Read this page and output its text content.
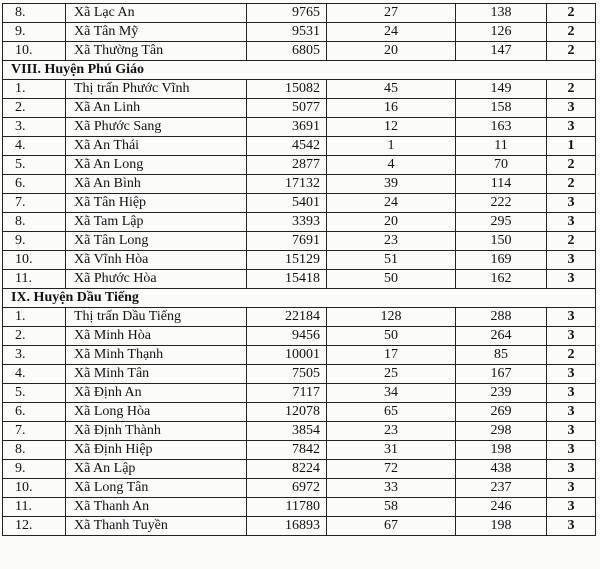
8.	Xã Lạc An	9765	27	138	2
9.	Xã Tân Mỹ	9531	24	126	2
10.	Xã Thường Tân	6805	20	147	2
VIII. Huyện Phú Giáo					
1.	Thị trấn Phước Vĩnh	15082	45	149	2
2.	Xã An Linh	5077	16	158	3
3.	Xã Phước Sang	3691	12	163	3
4.	Xã An Thái	4542	1	11	1
5.	Xã An Long	2877	4	70	2
6.	Xã An Bình	17132	39	114	2
7.	Xã Tân Hiệp	5401	24	222	3
8.	Xã Tam Lập	3393	20	295	3
9.	Xã Tân Long	7691	23	150	2
10.	Xã Vĩnh Hòa	15129	51	169	3
11.	Xã Phước Hòa	15418	50	162	3
IX. Huyện Dầu Tiếng					
1.	Thị trấn Dầu Tiếng	22184	128	288	3
2.	Xã Minh Hòa	9456	50	264	3
3.	Xã Minh Thạnh	10001	17	85	2
4.	Xã Minh Tân	7505	25	167	3
5.	Xã Định An	7117	34	239	3
6.	Xã Long Hòa	12078	65	269	3
7.	Xã Định Thành	3854	23	298	3
8.	Xã Định Hiệp	7842	31	198	3
9.	Xã An Lập	8224	72	438	3
10.	Xã Long Tân	6972	33	237	3
11.	Xã Thanh An	11780	58	246	3
12.	Xã Thanh Tuyền	16893	67	198	3
